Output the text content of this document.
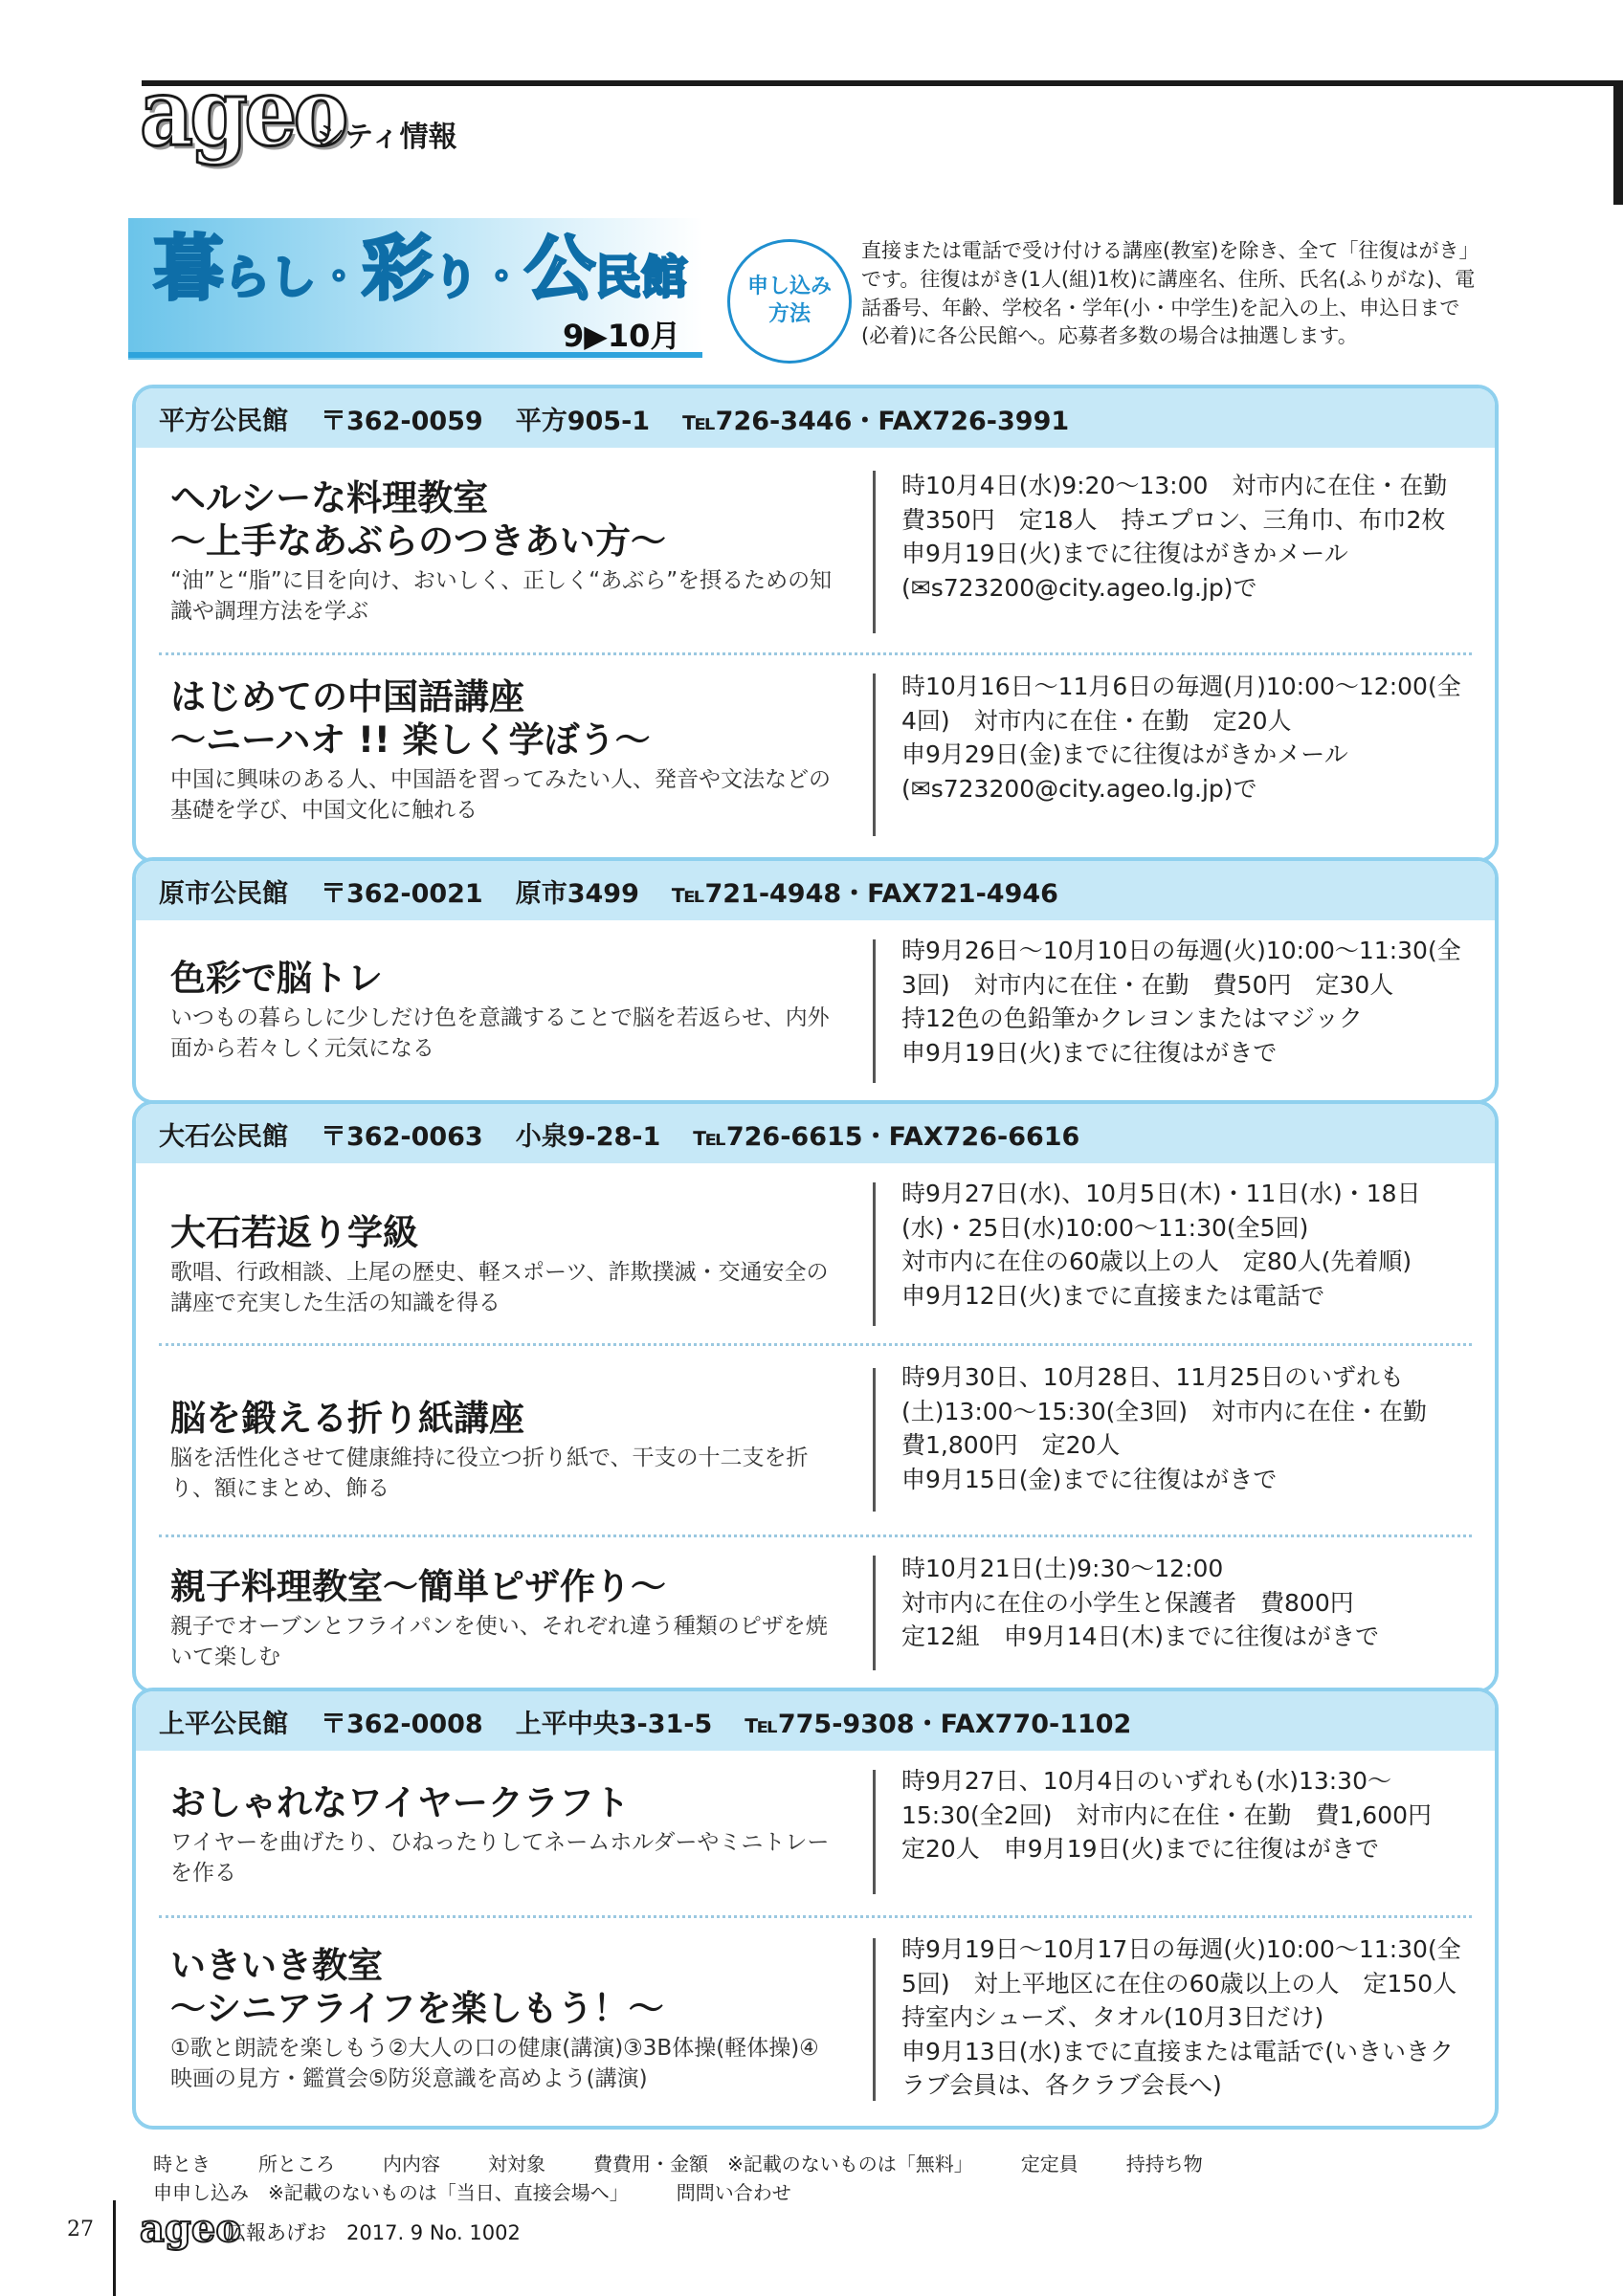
ageo
シティ情報
暮らし・彩り・公民館
9▶10月
申し込み
方法
直接または電話で受け付ける講座(教室)を除き、全て「往復はがき」です。往復はがき(1人(組)1枚)に講座名、住所、氏名(ふりがな)、電話番号、年齢、学校名・学年(小・中学生)を記入の上、申込日まで(必着)に各公民館へ。応募者多数の場合は抽選します。
平方公民館 〒362-0059 平方905-1 ℡726-3446・FAX726-3991
ヘルシーな料理教室
～上手なあぶらのつきあい方～
“油”と“脂”に目を向け、おいしく、正しく“あぶら”を摂るための知識や調理方法を学ぶ
時10月4日(水)9:20～13:00　対市内に在住・在勤
費350円　定18人　持エプロン、三角巾、布巾2枚
申9月19日(火)までに往復はがきかメール
(✉s723200@city.ageo.lg.jp)で
はじめての中国語講座
～ニーハオ !! 楽しく学ぼう～
中国に興味のある人、中国語を習ってみたい人、発音や文法などの基礎を学び、中国文化に触れる
時10月16日～11月6日の毎週(月)10:00～12:00(全4回)　対市内に在住・在勤　定20人
申9月29日(金)までに往復はがきかメール
(✉s723200@city.ageo.lg.jp)で
原市公民館 〒362-0021 原市3499 ℡721-4948・FAX721-4946
色彩で脳トレ
いつもの暮らしに少しだけ色を意識することで脳を若返らせ、内外面から若々しく元気になる
時9月26日～10月10日の毎週(火)10:00～11:30(全3回)　対市内に在住・在勤　費50円　定30人
持12色の色鉛筆かクレヨンまたはマジック
申9月19日(火)までに往復はがきで
大石公民館 〒362-0063 小泉9-28-1 ℡726-6615・FAX726-6616
大石若返り学級
歌唱、行政相談、上尾の歴史、軽スポーツ、詐欺撲滅・交通安全の講座で充実した生活の知識を得る
時9月27日(水)、10月5日(木)・11日(水)・18日(水)・25日(水)10:00～11:30(全5回)
対市内に在住の60歳以上の人　定80人(先着順)
申9月12日(火)までに直接または電話で
脳を鍛える折り紙講座
脳を活性化させて健康維持に役立つ折り紙で、干支の十二支を折り、額にまとめ、飾る
時9月30日、10月28日、11月25日のいずれも(土)13:00～15:30(全3回)　対市内に在住・在勤
費1,800円　定20人
申9月15日(金)までに往復はがきで
親子料理教室～簡単ピザ作り～
親子でオーブンとフライパンを使い、それぞれ違う種類のピザを焼いて楽しむ
時10月21日(土)9:30～12:00
対市内に在住の小学生と保護者　費800円
定12組　申9月14日(木)までに往復はがきで
上平公民館 〒362-0008 上平中央3-31-5 ℡775-9308・FAX770-1102
おしゃれなワイヤークラフト
ワイヤーを曲げたり、ひねったりしてネームホルダーやミニトレーを作る
時9月27日、10月4日のいずれも(水)13:30～15:30(全2回)　対市内に在住・在勤　費1,600円
定20人　申9月19日(火)までに往復はがきで
いきいき教室
～シニアライフを楽しもう！～
①歌と朗読を楽しもう②大人の口の健康(講演)③3B体操(軽体操)④映画の見方・鑑賞会⑤防災意識を高めよう(講演)
時9月19日～10月17日の毎週(火)10:00～11:30(全5回)　対上平地区に在住の60歳以上の人　定150人
持室内シューズ、タオル(10月3日だけ)
申9月13日(水)までに直接または電話で(いきいきクラブ会員は、各クラブ会長へ)
時とき	所ところ	内内容	対対象	費費用・金額　※記載のないものは「無料」	定定員	持持ち物
申申し込み　※記載のないものは「当日、直接会場へ」	問問い合わせ
27 ageo
広報あげお　2017. 9 No. 1002
